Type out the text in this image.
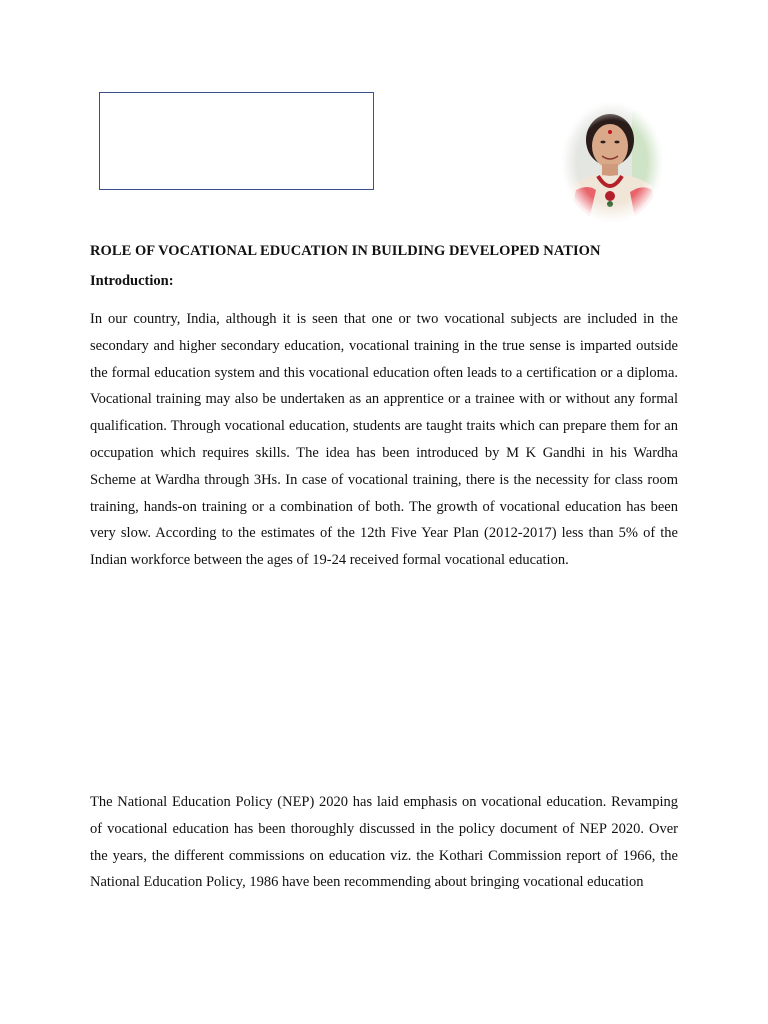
ROLE OF VOCATIONAL EDUCATION IN BUILDING DEVELOPED NATION
Introduction:

In our country, India, although it is seen that one or two vocational subjects are included in the secondary and higher secondary education, vocational training in the true sense is imparted outside the formal education system and this vocational education often leads to a certification or a diploma. Vocational training may also be undertaken as an apprentice or a trainee with or without any formal qualification. Through vocational education, students are taught traits which can prepare them for an occupation which requires skills. The idea has been introduced by M K Gandhi in his Wardha Scheme at Wardha through 3Hs. In case of vocational training, there is the necessity for class room training, hands-on training or a combination of both. The growth of vocational education has been very slow. According to the estimates of the 12th Five Year Plan (2012-2017) less than 5% of the Indian workforce between the ages of 19-24 received formal vocational education.

The National Education Policy (NEP) 2020 has laid emphasis on vocational education. Revamping of vocational education has been thoroughly discussed in the policy document of NEP 2020. Over the years, the different commissions on education viz. the Kothari Commission report of 1966, the National Education Policy, 1986 have been recommending about bringing vocational education
